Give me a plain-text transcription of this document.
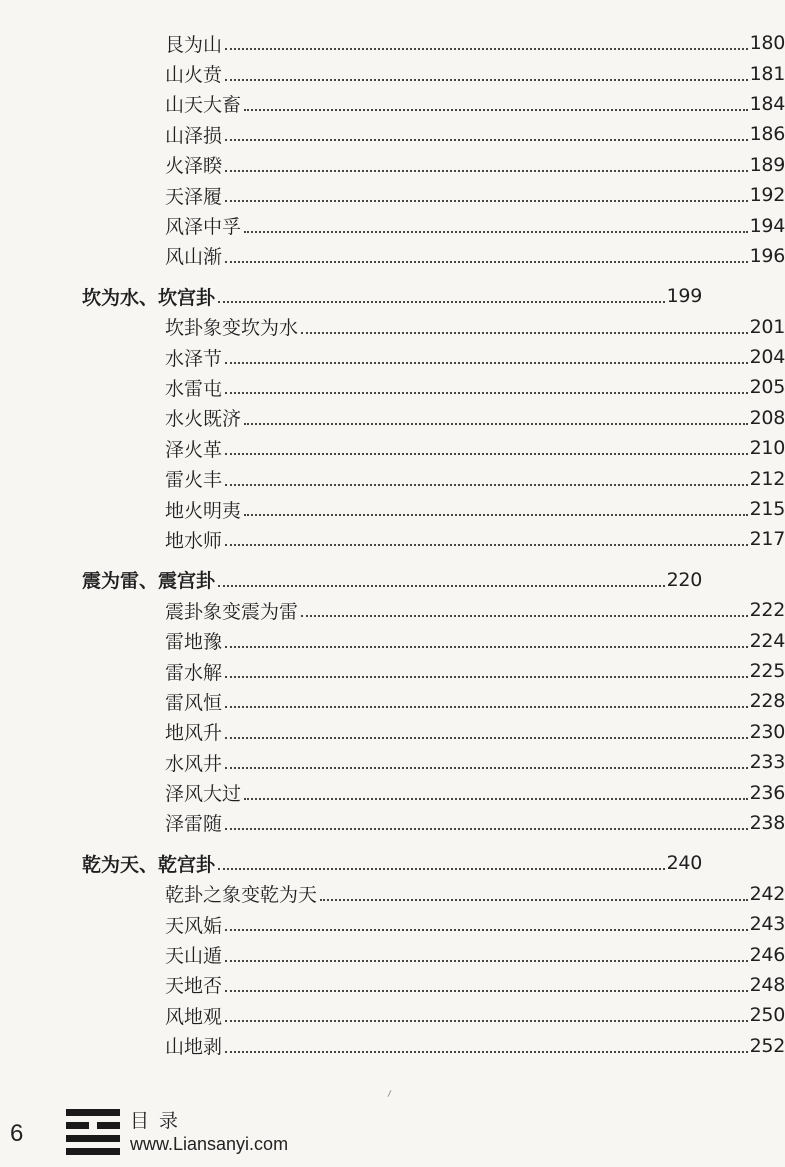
艮为山	180
山火贲	181
山天大畜	184
山泽损	186
火泽睽	189
天泽履	192
风泽中孚	194
风山渐	196
坎为水、坎宫卦	199
坎卦象变坎为水	201
水泽节	204
水雷屯	205
水火既济	208
泽火革	210
雷火丰	212
地火明夷	215
地水师	217
震为雷、震宫卦	220
震卦象变震为雷	222
雷地豫	224
雷水解	225
雷风恒	228
地风升	230
水风井	233
泽风大过	236
泽雷随	238
乾为天、乾宫卦	240
乾卦之象变乾为天	242
天风姤	243
天山遁	246
天地否	248
风地观	250
山地剥	252
6	目录
www.Liansanyi.com
